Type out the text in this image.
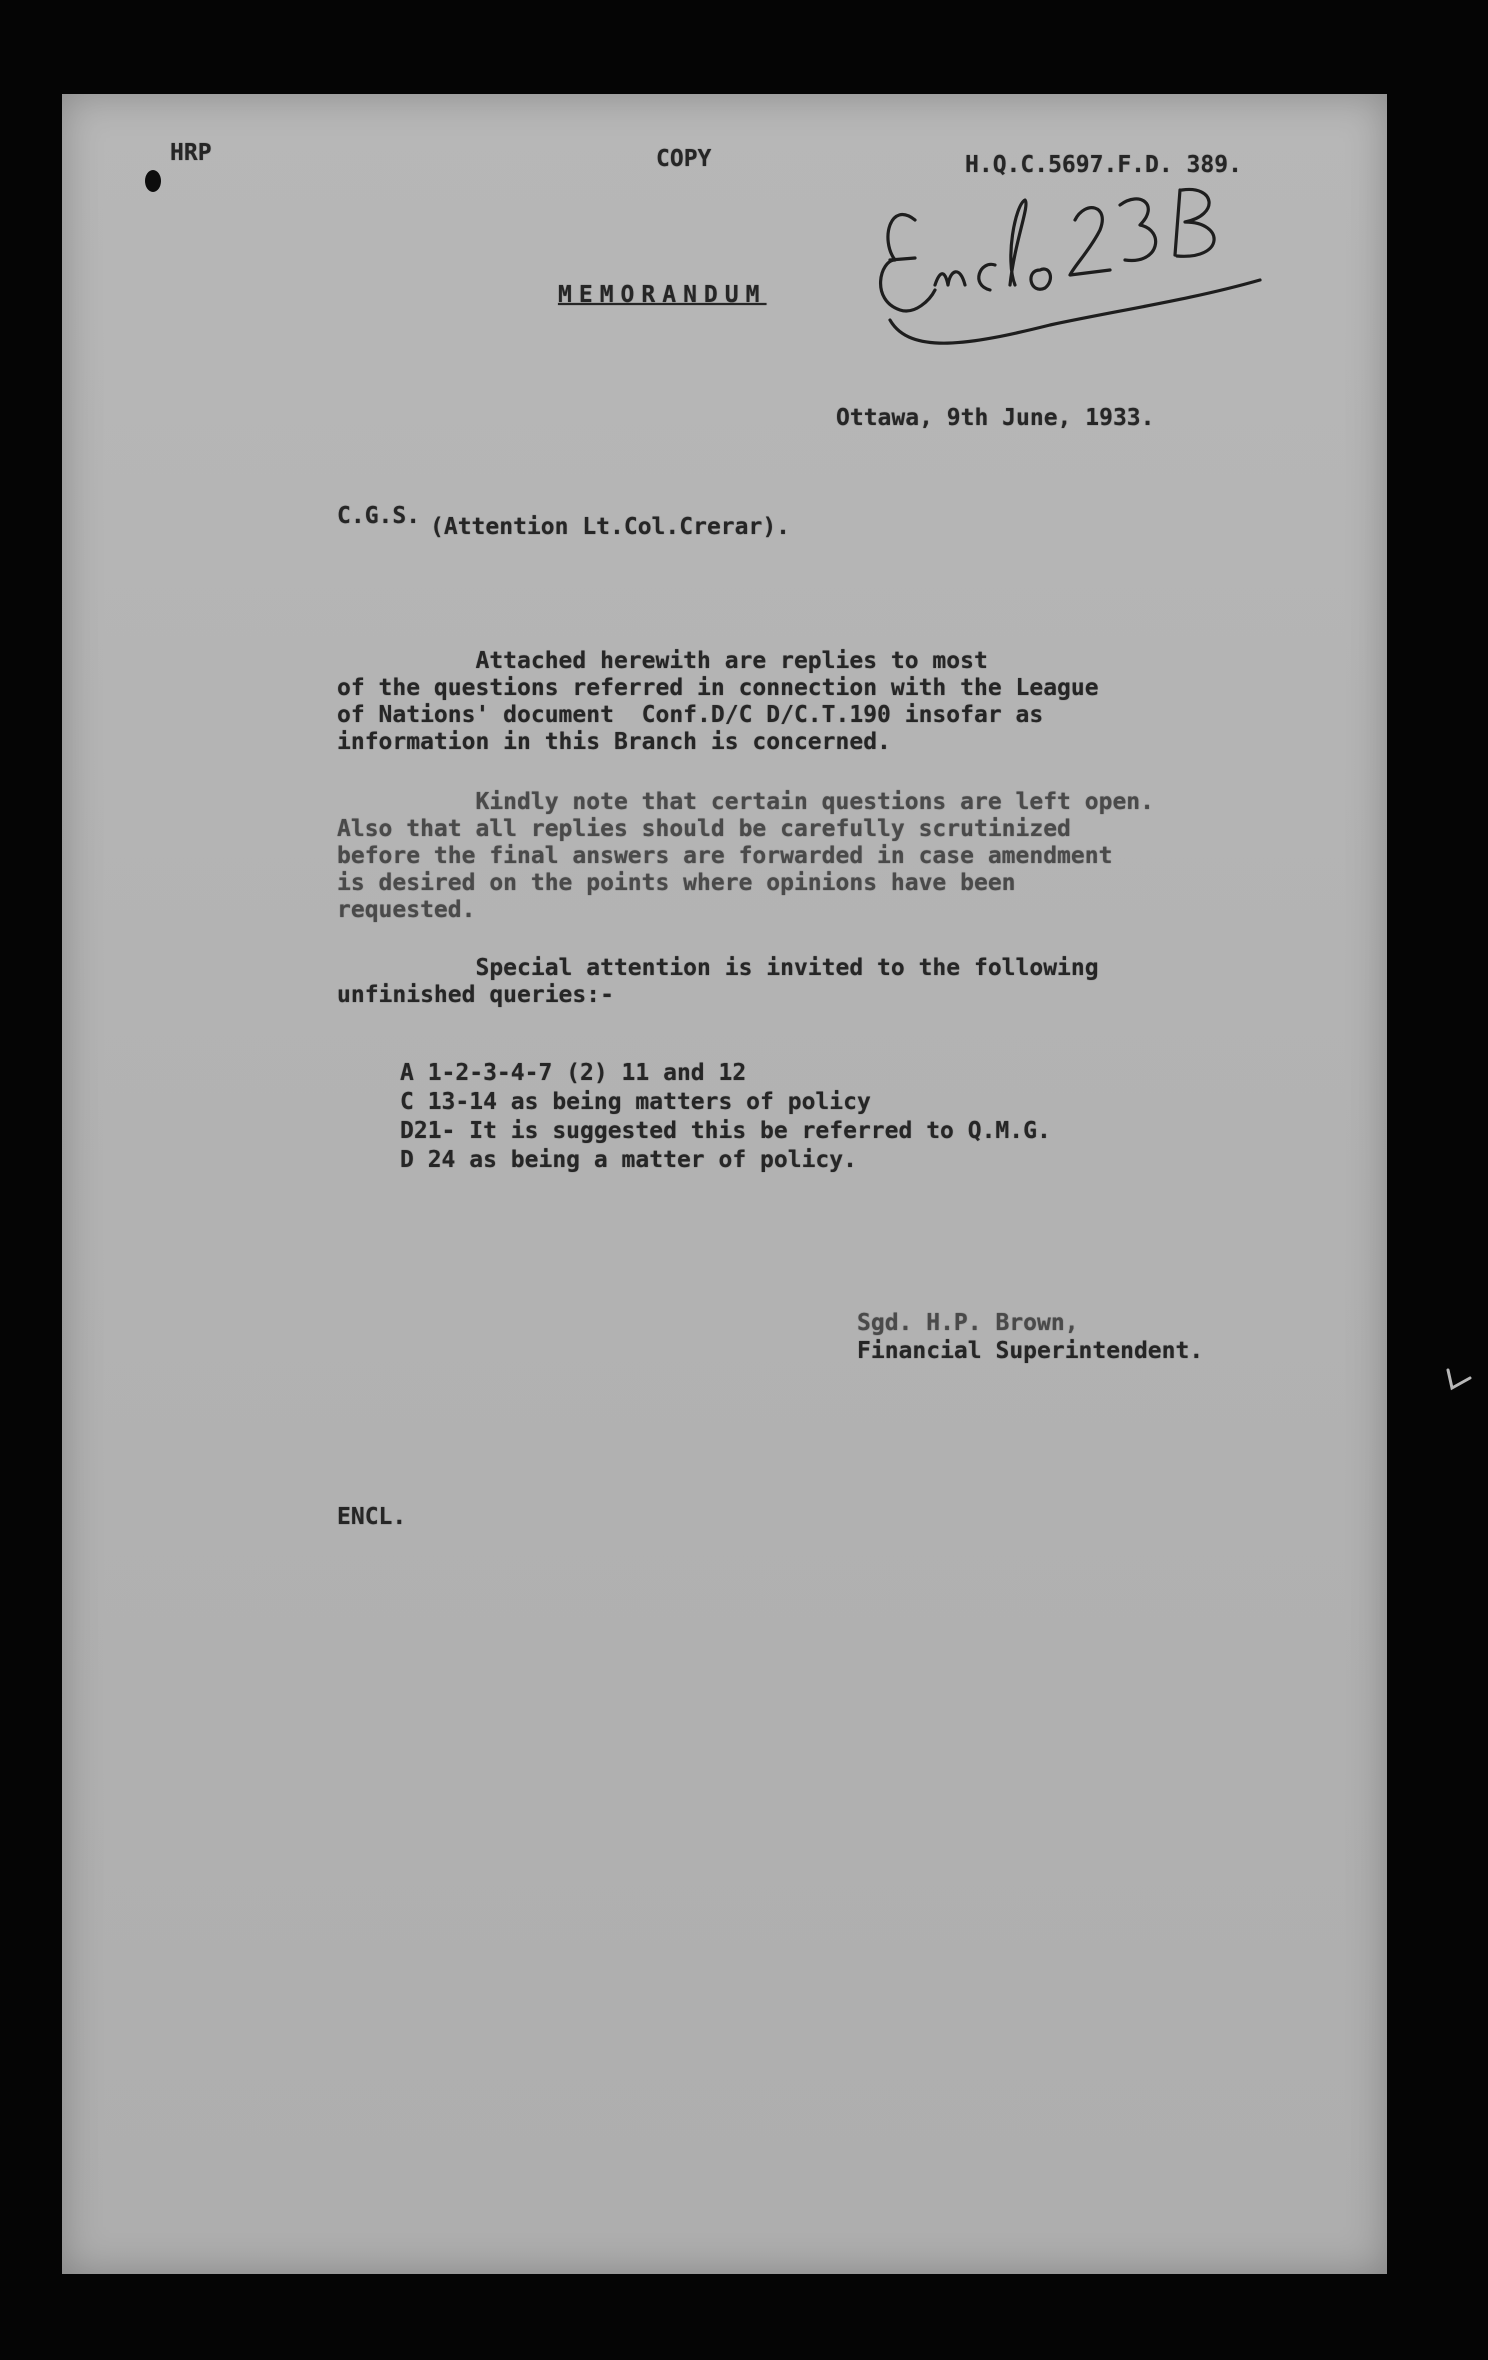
HRP	COPY	H.Q.C.5697.F.D. 389.

MEMORANDUM

Ottawa, 9th June, 1933.

C.G.S. (Attention Lt.Col.Crerar).

Attached herewith are replies to most
of the questions referred in connection with the League
of Nations' document  Conf.D/C D/C.T.190 insofar as
information in this Branch is concerned.

Kindly note that certain questions are left open.
Also that all replies should be carefully scrutinized
before the final answers are forwarded in case amendment
is desired on the points where opinions have been
requested.

Special attention is invited to the following
unfinished queries:-

A 1-2-3-4-7 (2) 11 and 12

C 13-14 as being matters of policy

D21- It is suggested this be referred to Q.M.G.

D 24 as being a matter of policy.

Sgd. H.P. Brown,

Financial Superintendent.

ENCL.
